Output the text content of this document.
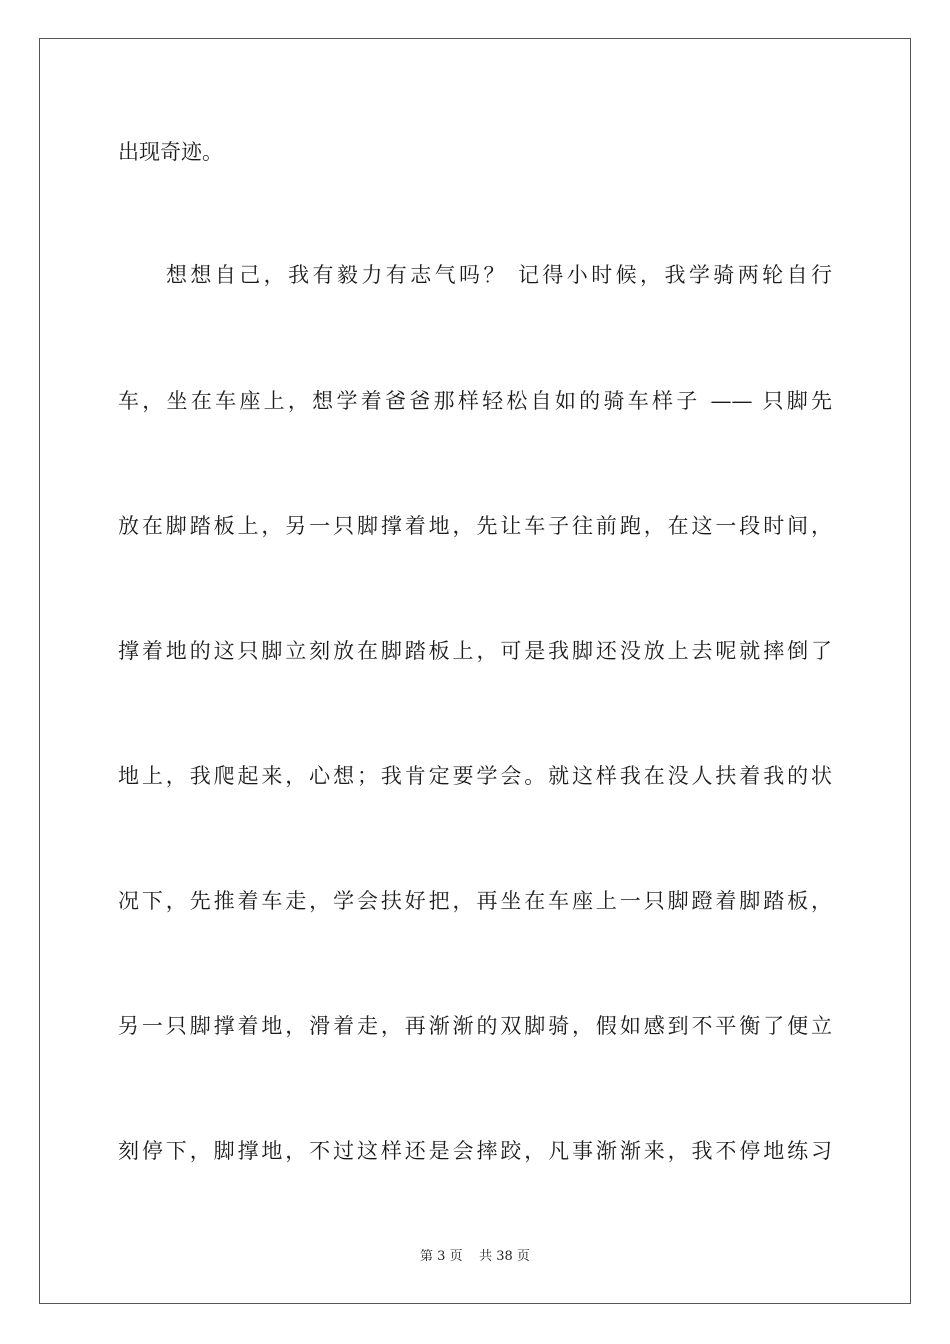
出现奇迹。
想想自己，我有毅力有志气吗？ 记得小时候，我学骑两轮自行
车，坐在车座上，想学着爸爸那样轻松自如的骑车样子 —— 只脚先
放在脚踏板上，另一只脚撑着地，先让车子往前跑，在这一段时间，
撑着地的这只脚立刻放在脚踏板上，可是我脚还没放上去呢就摔倒了
地上，我爬起来，心想；我肯定要学会。就这样我在没人扶着我的状
况下，先推着车走，学会扶好把，再坐在车座上一只脚蹬着脚踏板，
另一只脚撑着地，滑着走，再渐渐的双脚骑，假如感到不平衡了便立
刻停下，脚撑地，不过这样还是会摔跤，凡事渐渐来，我不停地练习
第 3 页 共 38 页
